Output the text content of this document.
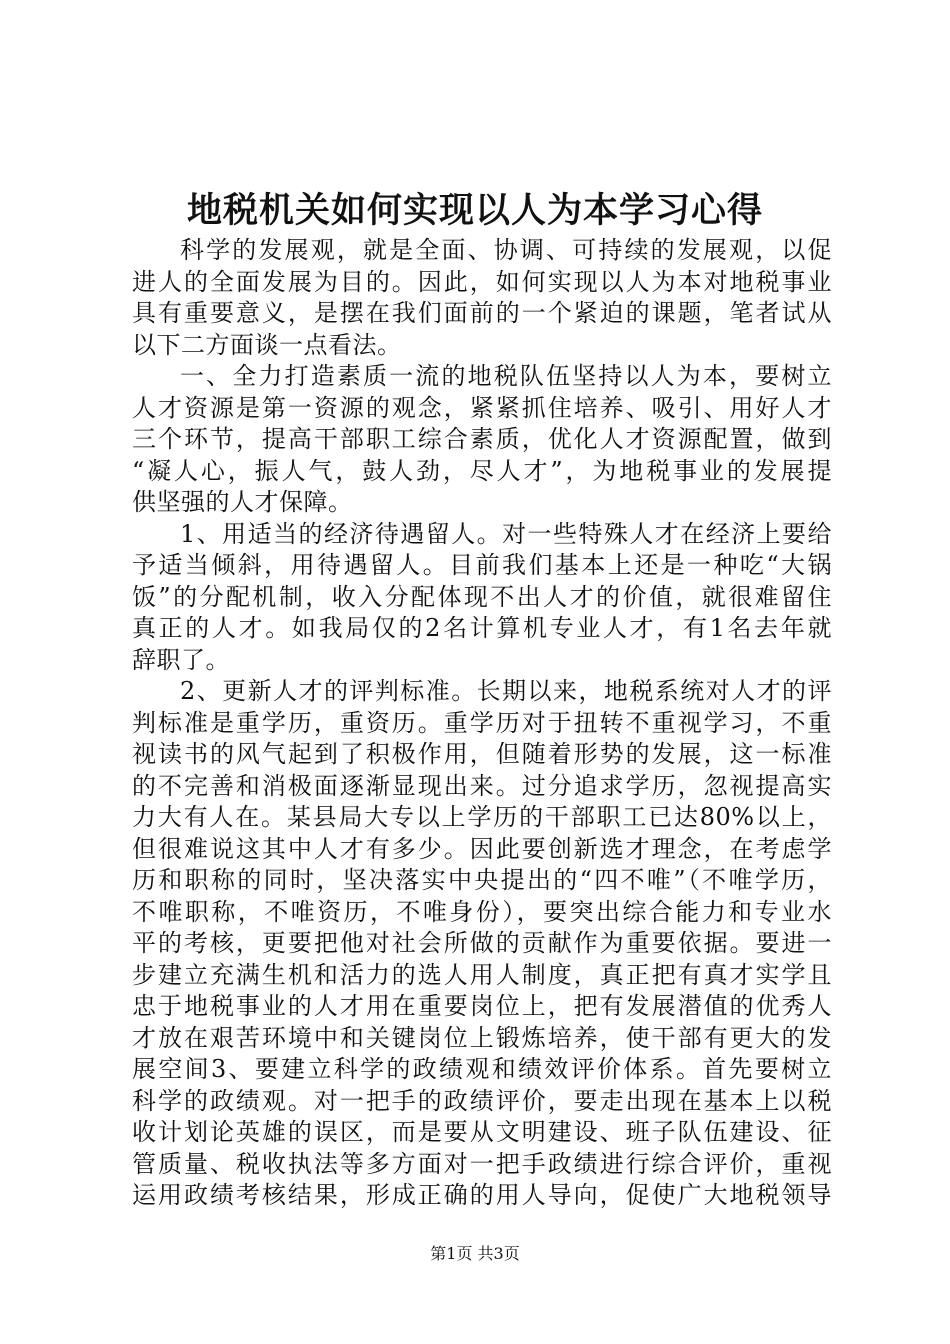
地税机关如何实现以人为本学习心得
科学的发展观，就是全面、协调、可持续的发展观，以促
进人的全面发展为目的。因此，如何实现以人为本对地税事业
具有重要意义，是摆在我们面前的一个紧迫的课题，笔者试从
以下二方面谈一点看法。
一、全力打造素质一流的地税队伍坚持以人为本，要树立
人才资源是第一资源的观念，紧紧抓住培养、吸引、用好人才
三个环节，提高干部职工综合素质，优化人才资源配置，做到
“凝人心，振人气，鼓人劲，尽人才”，为地税事业的发展提
供坚强的人才保障。
1、用适当的经济待遇留人。对一些特殊人才在经济上要给
予适当倾斜，用待遇留人。目前我们基本上还是一种吃“大锅
饭”的分配机制，收入分配体现不出人才的价值，就很难留住
真正的人才。如我局仅的2名计算机专业人才，有1名去年就
辞职了。
2、更新人才的评判标准。长期以来，地税系统对人才的评
判标准是重学历，重资历。重学历对于扭转不重视学习，不重
视读书的风气起到了积极作用，但随着形势的发展，这一标准
的不完善和消极面逐渐显现出来。过分追求学历，忽视提高实
力大有人在。某县局大专以上学历的干部职工已达80%以上，
但很难说这其中人才有多少。因此要创新选才理念，在考虑学
历和职称的同时，坚决落实中央提出的“四不唯”（不唯学历，
不唯职称，不唯资历，不唯身份），要突出综合能力和专业水
平的考核，更要把他对社会所做的贡献作为重要依据。要进一
步建立充满生机和活力的选人用人制度，真正把有真才实学且
忠于地税事业的人才用在重要岗位上，把有发展潜值的优秀人
才放在艰苦环境中和关键岗位上锻炼培养，使干部有更大的发
展空间3、要建立科学的政绩观和绩效评价体系。首先要树立
科学的政绩观。对一把手的政绩评价，要走出现在基本上以税
收计划论英雄的误区，而是要从文明建设、班子队伍建设、征
管质量、税收执法等多方面对一把手政绩进行综合评价，重视
运用政绩考核结果，形成正确的用人导向，促使广大地税领导
第1页 共3页
